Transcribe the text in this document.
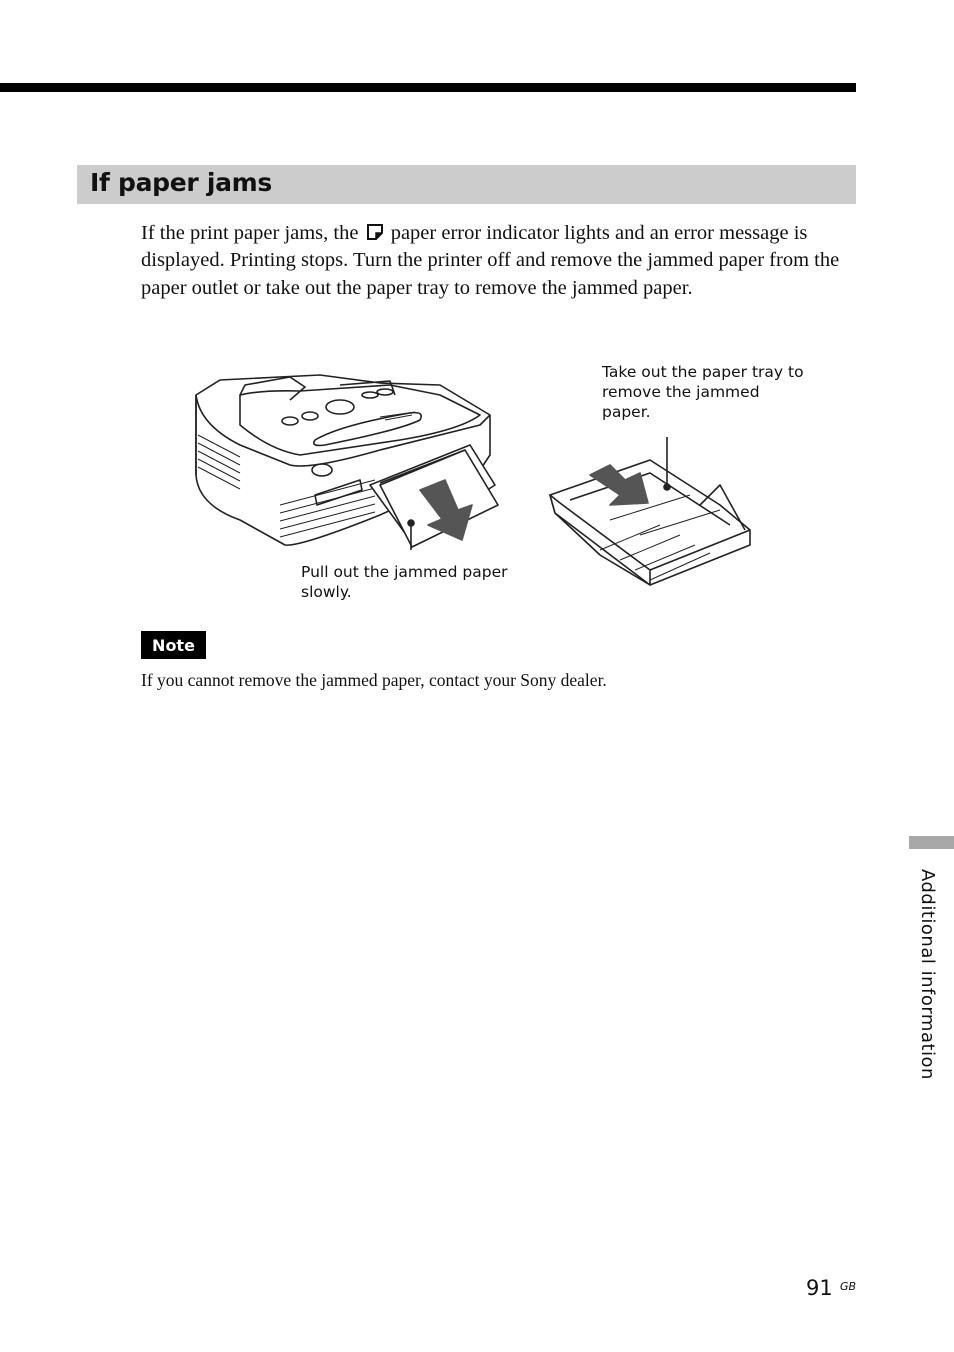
If paper jams

If the print paper jams, the paper error indicator lights and an error message is displayed. Printing stops. Turn the printer off and remove the jammed paper from the paper outlet or take out the paper tray to remove the jammed paper.

Take out the paper tray to remove the jammed paper.

Pull out the jammed paper slowly.

Note

If you cannot remove the jammed paper, contact your Sony dealer.

Additional information
91 GB
